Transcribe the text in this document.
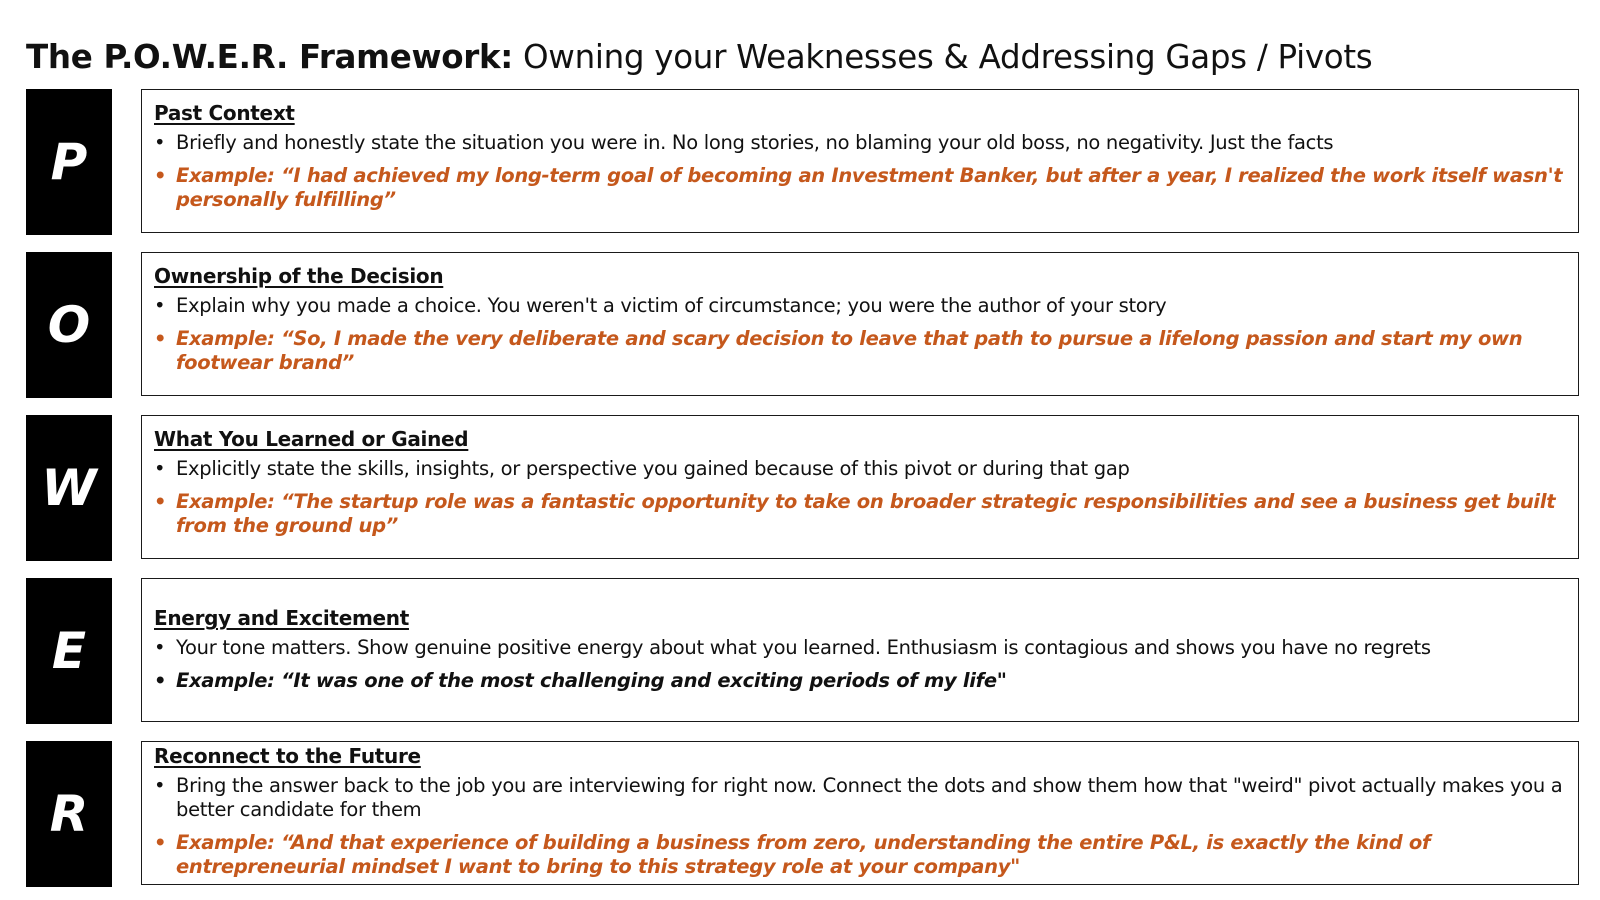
The P.O.W.E.R. Framework: Owning your Weaknesses & Addressing Gaps / Pivots
P
Past Context
• Briefly and honestly state the situation you were in. No long stories, no blaming your old boss, no negativity. Just the facts
• Example: “I had achieved my long-term goal of becoming an Investment Banker, but after a year, I realized the work itself wasn't personally fulfilling”
O
Ownership of the Decision
• Explain why you made a choice. You weren't a victim of circumstance; you were the author of your story
• Example: “So, I made the very deliberate and scary decision to leave that path to pursue a lifelong passion and start my own footwear brand”
W
What You Learned or Gained
• Explicitly state the skills, insights, or perspective you gained because of this pivot or during that gap
• Example: “The startup role was a fantastic opportunity to take on broader strategic responsibilities and see a business get built from the ground up”
E
Energy and Excitement
• Your tone matters. Show genuine positive energy about what you learned. Enthusiasm is contagious and shows you have no regrets
• Example: “It was one of the most challenging and exciting periods of my life"
R
Reconnect to the Future
• Bring the answer back to the job you are interviewing for right now. Connect the dots and show them how that "weird" pivot actually makes you a better candidate for them
• Example: “And that experience of building a business from zero, understanding the entire P&L, is exactly the kind of entrepreneurial mindset I want to bring to this strategy role at your company"
